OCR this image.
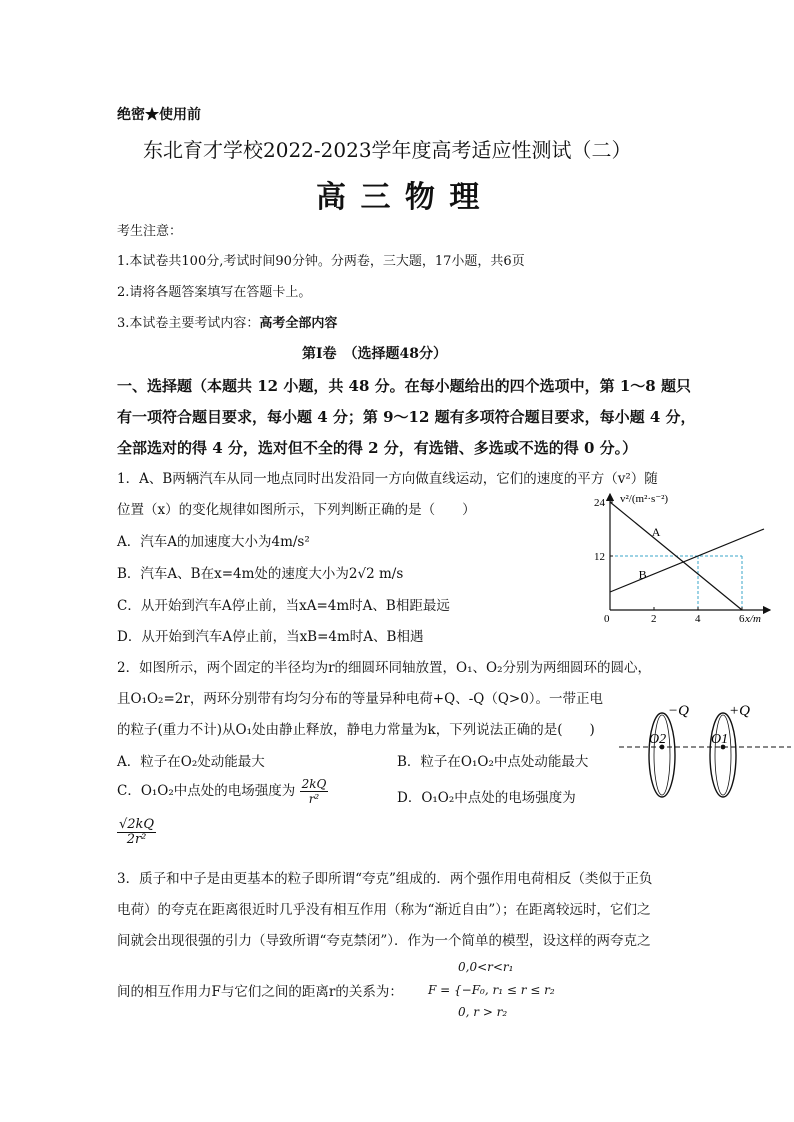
绝密★使用前
东北育才学校2022-2023学年度高考适应性测试（二）
高 三 物 理
考生注意：
1.本试卷共100分,考试时间90分钟。分两卷，三大题，17小题，共6页
2.请将各题答案填写在答题卡上。
3.本试卷主要考试内容：高考全部内容
第Ⅰ卷　（选择题48分）
一、选择题（本题共 12 小题，共 48 分。在每小题给出的四个选项中，第 1～8 题只
有一项符合题目要求，每小题 4 分；第 9～12 题有多项符合题目要求，每小题 4 分，
全部选对的得 4 分，选对但不全的得 2 分，有选错、多选或不选的得 0 分。）
1．A、B两辆汽车从同一地点同时出发沿同一方向做直线运动，它们的速度的平方（v²）随
位置（x）的变化规律如图所示，下列判断正确的是（　　）
A．汽车A的加速度大小为4m/s²
B．汽车A、B在x=4m处的速度大小为2√2 m/s
C．从开始到汽车A停止前，当xA=4m时A、B相距最远
D．从开始到汽车A停止前，当xB=4m时A、B相遇
A
B
0	2	4	6
24
12
v²/(m²·s⁻²)
x/m
2．如图所示，两个固定的半径均为r的细圆环同轴放置，O₁、O₂分别为两细圆环的圆心，
且O₁O₂=2r，两环分别带有均匀分布的等量异种电荷+Q、-Q（Q>0）。一带正电
的粒子(重力不计)从O₁处由静止释放，静电力常量为k，下列说法正确的是(　　)
A．粒子在O₂处动能最大	B．粒子在O₁O₂中点处动能最大
C．O₁O₂中点处的电场强度为 $\frac{2kQ}{\text{r²}}$	D．O₁O₂中点处的电场强度为
$\frac{√2kQ}{\text{2r²}}$
−Q	+Q
O2	O1
3．质子和中子是由更基本的粒子即所谓“夸克”组成的．两个强作用电荷相反（类似于正负
电荷）的夸克在距离很近时几乎没有相互作用（称为“渐近自由”）；在距离较远时，它们之
间就会出现很强的引力（导致所谓“夸克禁闭”）．作为一个简单的模型，设这样的两夸克之
间的相互作用力F与它们之间的距离r的关系为：
0,0<r<r₁
F = {−F₀, r₁ ≤ r ≤ r₂
0, r > r₂
